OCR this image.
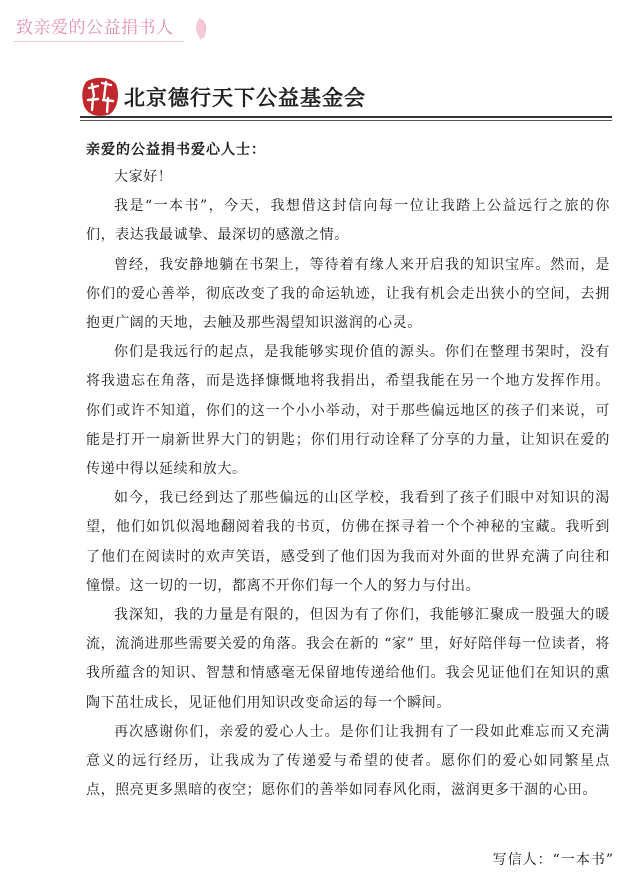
致亲爱的公益捐书人
北京德行天下公益基金会
亲爱的公益捐书爱心人士：

大家好！

我是“一本书”，今天，我想借这封信向每一位让我踏上公益远行之旅的你们，表达我最诚挚、最深切的感激之情。

曾经，我安静地躺在书架上，等待着有缘人来开启我的知识宝库。然而，是你们的爱心善举，彻底改变了我的命运轨迹，让我有机会走出狭小的空间，去拥抱更广阔的天地，去触及那些渴望知识滋润的心灵。

你们是我远行的起点，是我能够实现价值的源头。你们在整理书架时，没有将我遗忘在角落，而是选择慷慨地将我捐出，希望我能在另一个地方发挥作用。你们或许不知道，你们的这一个小小举动，对于那些偏远地区的孩子们来说，可能是打开一扇新世界大门的钥匙；你们用行动诠释了分享的力量，让知识在爱的传递中得以延续和放大。

如今，我已经到达了那些偏远的山区学校，我看到了孩子们眼中对知识的渴望，他们如饥似渴地翻阅着我的书页，仿佛在探寻着一个个神秘的宝藏。我听到了他们在阅读时的欢声笑语，感受到了他们因为我而对外面的世界充满了向往和憧憬。这一切的一切，都离不开你们每一个人的努力与付出。

我深知，我的力量是有限的，但因为有了你们，我能够汇聚成一股强大的暖流，流淌进那些需要关爱的角落。我会在新的 “家” 里，好好陪伴每一位读者，将我所蕴含的知识、智慧和情感毫无保留地传递给他们。我会见证他们在知识的熏陶下茁壮成长，见证他们用知识改变命运的每一个瞬间。

再次感谢你们，亲爱的爱心人士。是你们让我拥有了一段如此难忘而又充满意义的远行经历，让我成为了传递爱与希望的使者。愿你们的爱心如同繁星点点，照亮更多黑暗的夜空；愿你们的善举如同春风化雨，滋润更多干涸的心田。

写信人：“一本书”
